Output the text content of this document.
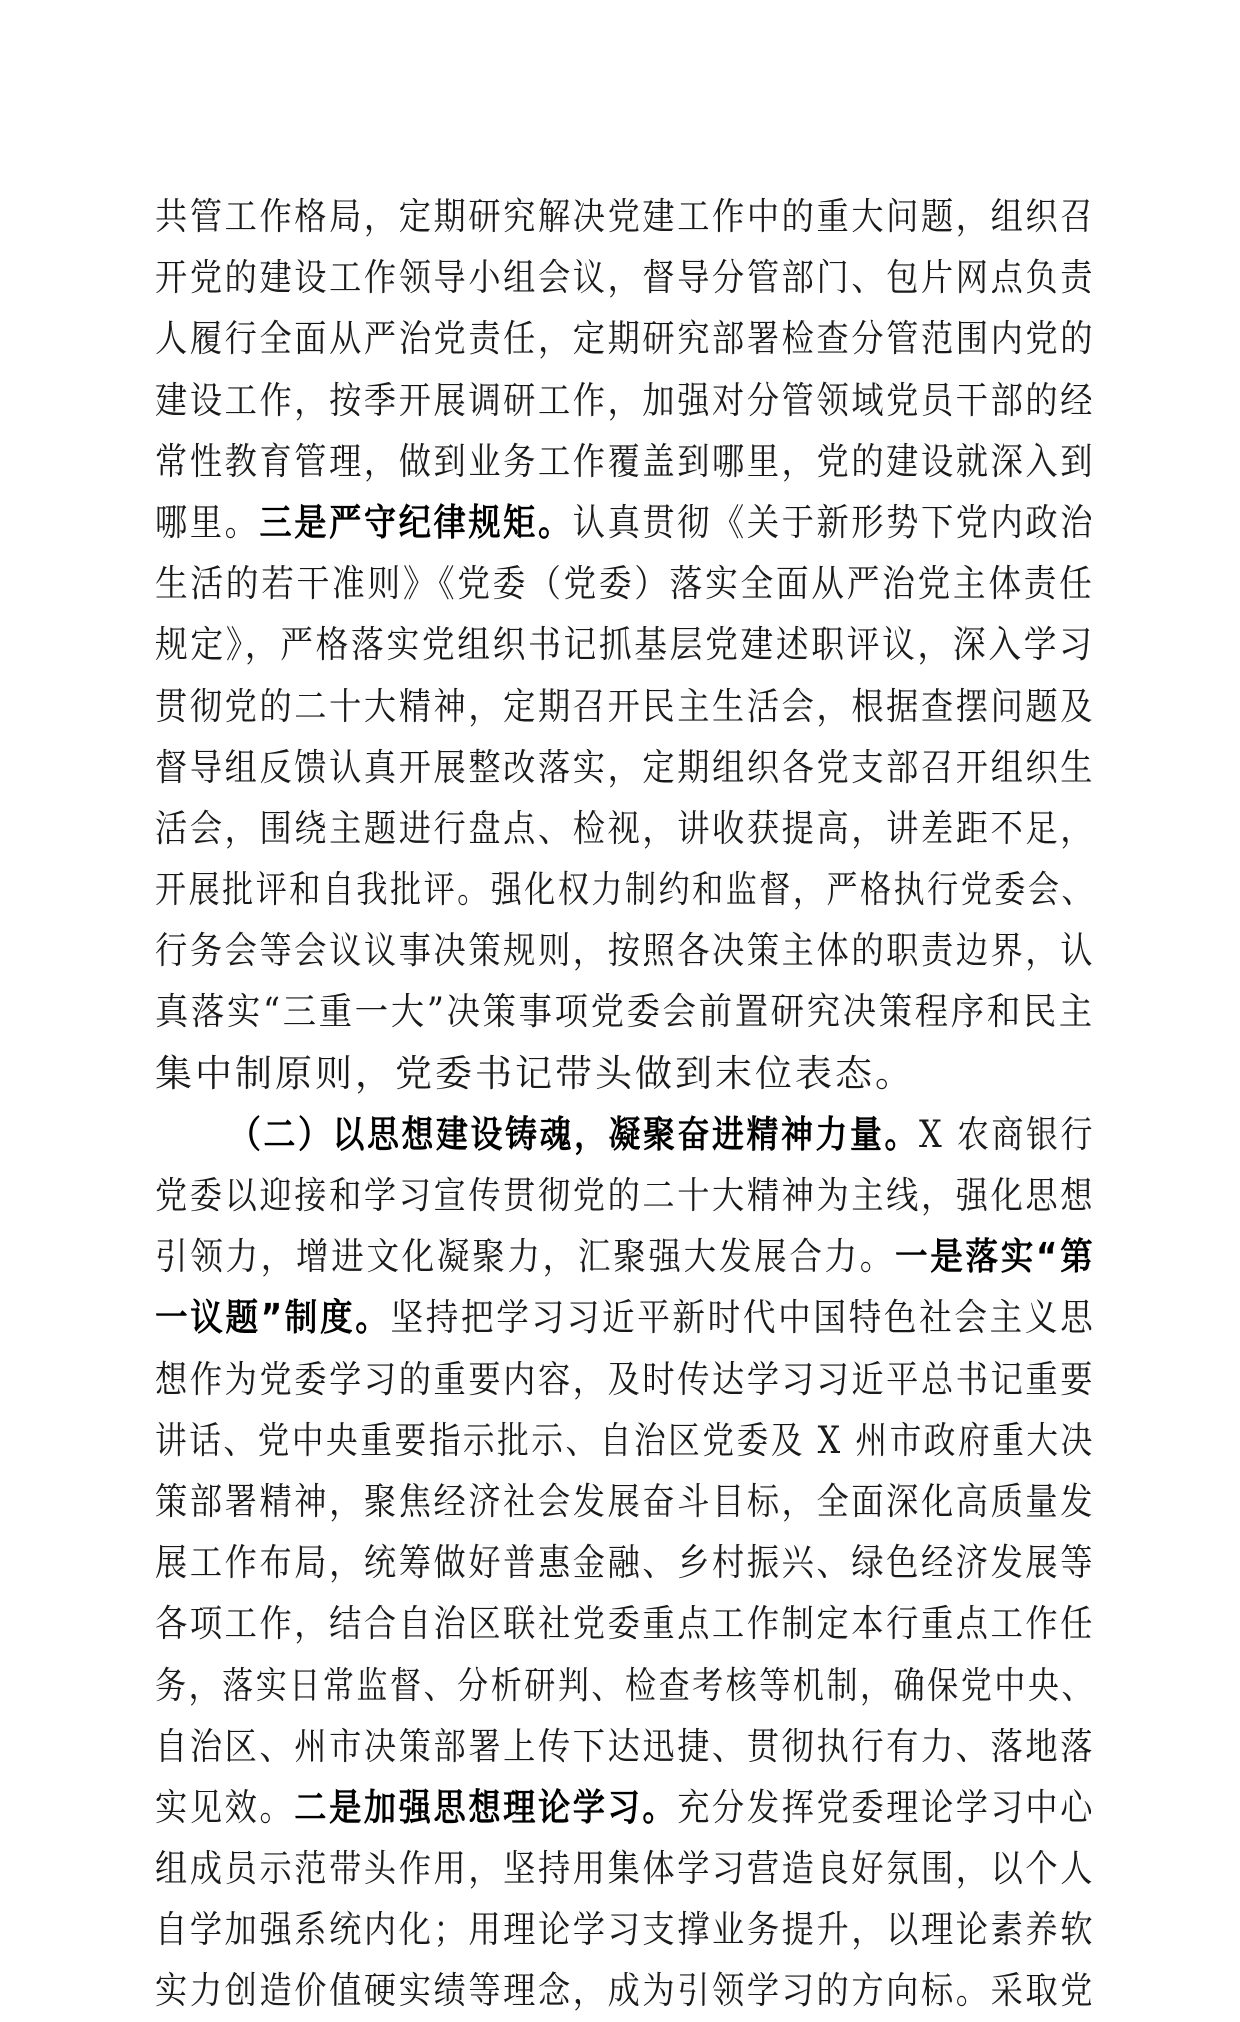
共管工作格局，定期研究解决党建工作中的重大问题，组织召
开党的建设工作领导小组会议，督导分管部门、包片网点负责
人履行全面从严治党责任，定期研究部署检查分管范围内党的
建设工作，按季开展调研工作，加强对分管领域党员干部的经
常性教育管理，做到业务工作覆盖到哪里，党的建设就深入到
哪里。三是严守纪律规矩。认真贯彻《关于新形势下党内政治
生活的若干准则》《党委（党委）落实全面从严治党主体责任
规定》，严格落实党组织书记抓基层党建述职评议，深入学习
贯彻党的二十大精神，定期召开民主生活会，根据查摆问题及
督导组反馈认真开展整改落实，定期组织各党支部召开组织生
活会，围绕主题进行盘点、检视，讲收获提高，讲差距不足，
开展批评和自我批评。强化权力制约和监督，严格执行党委会、
行务会等会议议事决策规则，按照各决策主体的职责边界，认
真落实“三重一大”决策事项党委会前置研究决策程序和民主
集中制原则，党委书记带头做到末位表态。
（二）以思想建设铸魂，凝聚奋进精神力量。X 农商银行
党委以迎接和学习宣传贯彻党的二十大精神为主线，强化思想
引领力，增进文化凝聚力，汇聚强大发展合力。一是落实“第
一议题”制度。坚持把学习习近平新时代中国特色社会主义思
想作为党委学习的重要内容，及时传达学习习近平总书记重要
讲话、党中央重要指示批示、自治区党委及 X 州市政府重大决
策部署精神，聚焦经济社会发展奋斗目标，全面深化高质量发
展工作布局，统筹做好普惠金融、乡村振兴、绿色经济发展等
各项工作，结合自治区联社党委重点工作制定本行重点工作任
务，落实日常监督、分析研判、检查考核等机制，确保党中央、
自治区、州市决策部署上传下达迅捷、贯彻执行有力、落地落
实见效。二是加强思想理论学习。充分发挥党委理论学习中心
组成员示范带头作用，坚持用集体学习营造良好氛围，以个人
自学加强系统内化；用理论学习支撑业务提升，以理论素养软
实力创造价值硬实绩等理念，成为引领学习的方向标。采取党
